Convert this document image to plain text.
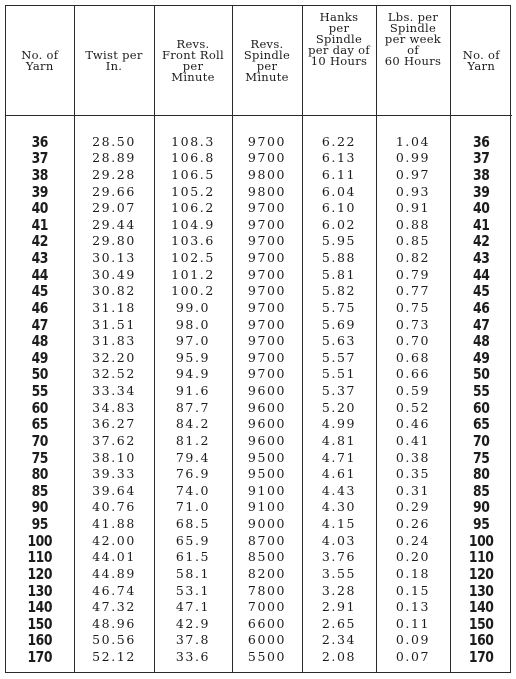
No. of
Yarn	Twist per
In.	Revs.
Front Roll
per
Minute	Revs.
Spindle
per
Minute	Hanks
per
Spindle
per day of
10 Hours	Lbs. per
Spindle
per week
of
60 Hours	No. of
Yarn

36	28.50	108.3	9700	6.22	1.04	36
37	28.89	106.8	9700	6.13	0.99	37
38	29.28	106.5	9800	6.11	0.97	38
39	29.66	105.2	9800	6.04	0.93	39
40	29.07	106.2	9700	6.10	0.91	40
41	29.44	104.9	9700	6.02	0.88	41
42	29.80	103.6	9700	5.95	0.85	42
43	30.13	102.5	9700	5.88	0.82	43
44	30.49	101.2	9700	5.81	0.79	44
45	30.82	100.2	9700	5.82	0.77	45
46	31.18	99.0	9700	5.75	0.75	46
47	31.51	98.0	9700	5.69	0.73	47
48	31.83	97.0	9700	5.63	0.70	48
49	32.20	95.9	9700	5.57	0.68	49
50	32.52	94.9	9700	5.51	0.66	50
55	33.34	91.6	9600	5.37	0.59	55
60	34.83	87.7	9600	5.20	0.52	60
65	36.27	84.2	9600	4.99	0.46	65
70	37.62	81.2	9600	4.81	0.41	70
75	38.10	79.4	9500	4.71	0.38	75
80	39.33	76.9	9500	4.61	0.35	80
85	39.64	74.0	9100	4.43	0.31	85
90	40.76	71.0	9100	4.30	0.29	90
95	41.88	68.5	9000	4.15	0.26	95
100	42.00	65.9	8700	4.03	0.24	100
110	44.01	61.5	8500	3.76	0.20	110
120	44.89	58.1	8200	3.55	0.18	120
130	46.74	53.1	7800	3.28	0.15	130
140	47.32	47.1	7000	2.91	0.13	140
150	48.96	42.9	6600	2.65	0.11	150
160	50.56	37.8	6000	2.34	0.09	160
170	52.12	33.6	5500	2.08	0.07	170
